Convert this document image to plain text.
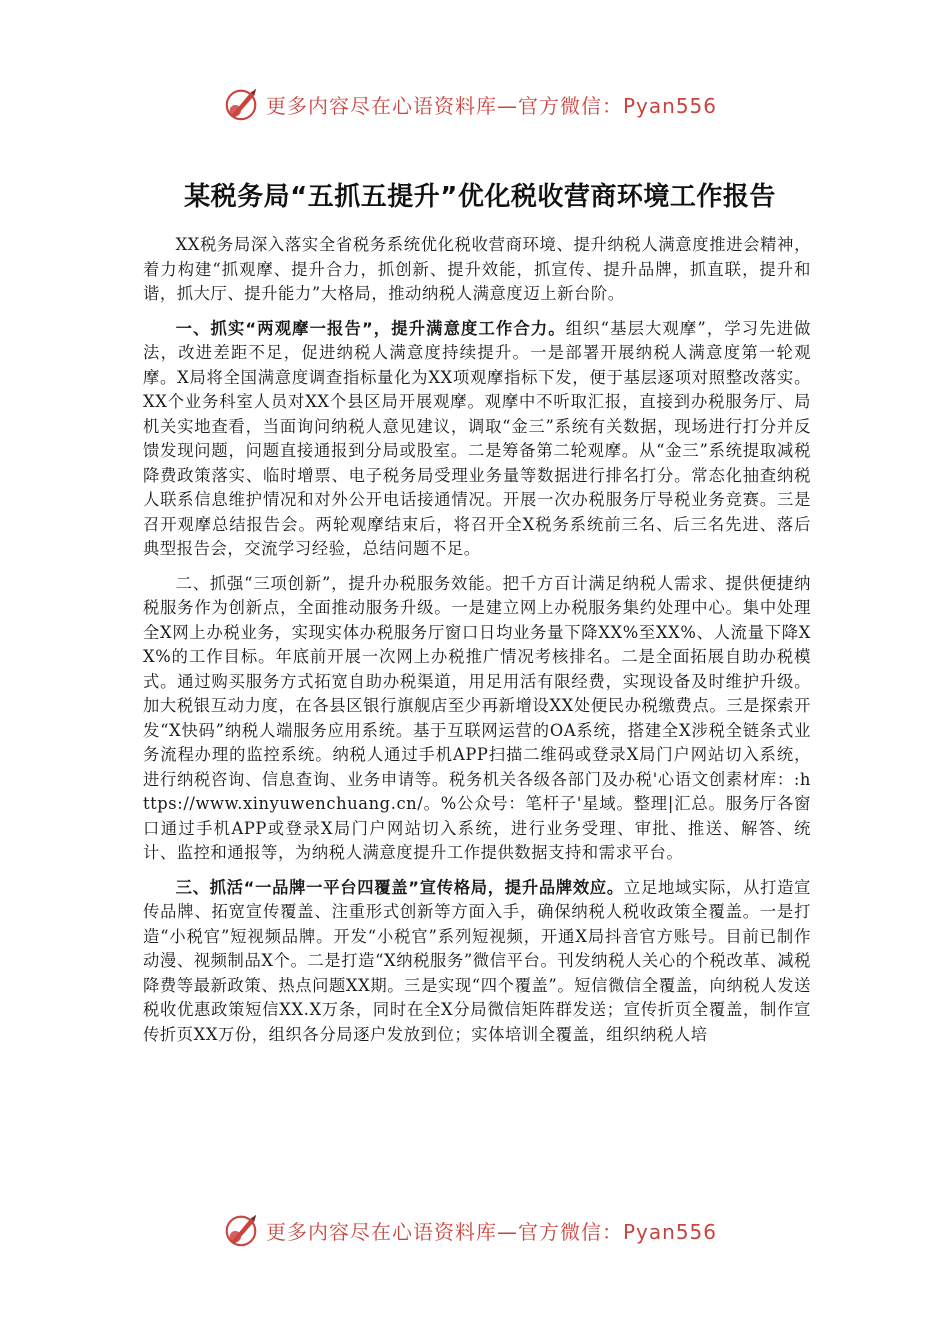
更多内容尽在心语资料库—官方微信：Pyan556
某税务局“五抓五提升”优化税收营商环境工作报告

XX税务局深入落实全省税务系统优化税收营商环境、提升纳税人满意度推进会精神，着力构建“抓观摩、提升合力，抓创新、提升效能，抓宣传、提升品牌，抓直联，提升和谐，抓大厅、提升能力”大格局，推动纳税人满意度迈上新台阶。

一、抓实“两观摩一报告”，提升满意度工作合力。组织“基层大观摩”，学习先进做法，改进差距不足，促进纳税人满意度持续提升。一是部署开展纳税人满意度第一轮观摩。X局将全国满意度调查指标量化为XX项观摩指标下发，便于基层逐项对照整改落实。XX个业务科室人员对XX个县区局开展观摩。观摩中不听取汇报，直接到办税服务厅、局机关实地查看，当面询问纳税人意见建议，调取“金三”系统有关数据，现场进行打分并反馈发现问题，问题直接通报到分局或股室。二是筹备第二轮观摩。从“金三”系统提取减税降费政策落实、临时增票、电子税务局受理业务量等数据进行排名打分。常态化抽查纳税人联系信息维护情况和对外公开电话接通情况。开展一次办税服务厅导税业务竞赛。三是召开观摩总结报告会。两轮观摩结束后，将召开全X税务系统前三名、后三名先进、落后典型报告会，交流学习经验，总结问题不足。

二、抓强“三项创新”，提升办税服务效能。把千方百计满足纳税人需求、提供便捷纳税服务作为创新点，全面推动服务升级。一是建立网上办税服务集约处理中心。集中处理全X网上办税业务，实现实体办税服务厅窗口日均业务量下降XX%至XX%、人流量下降XX%的工作目标。年底前开展一次网上办税推广情况考核排名。二是全面拓展自助办税模式。通过购买服务方式拓宽自助办税渠道，用足用活有限经费，实现设备及时维护升级。加大税银互动力度，在各县区银行旗舰店至少再新增设XX处便民办税缴费点。三是探索开发“X快码”纳税人端服务应用系统。基于互联网运营的OA系统，搭建全X涉税全链条式业务流程办理的监控系统。纳税人通过手机APP扫描二维码或登录X局门户网站切入系统，进行纳税咨询、信息查询、业务申请等。税务机关各级各部门及办税'心语文创素材库：:https://www.xinyuwenchuang.cn/。%公众号：笔杆子'星域。整理|汇总。服务厅各窗口通过手机APP或登录X局门户网站切入系统，进行业务受理、审批、推送、解答、统计、监控和通报等，为纳税人满意度提升工作提供数据支持和需求平台。

三、抓活“一品牌一平台四覆盖”宣传格局，提升品牌效应。立足地域实际，从打造宣传品牌、拓宽宣传覆盖、注重形式创新等方面入手，确保纳税人税收政策全覆盖。一是打造“小税官”短视频品牌。开发“小税官”系列短视频，开通X局抖音官方账号。目前已制作动漫、视频制品X个。二是打造“X纳税服务”微信平台。刊发纳税人关心的个税改革、减税降费等最新政策、热点问题XX期。三是实现“四个覆盖”。短信微信全覆盖，向纳税人发送税收优惠政策短信XX.X万条，同时在全X分局微信矩阵群发送；宣传折页全覆盖，制作宣传折页XX万份，组织各分局逐户发放到位；实体培训全覆盖，组织纳税人培

更多内容尽在心语资料库—官方微信：Pyan556
